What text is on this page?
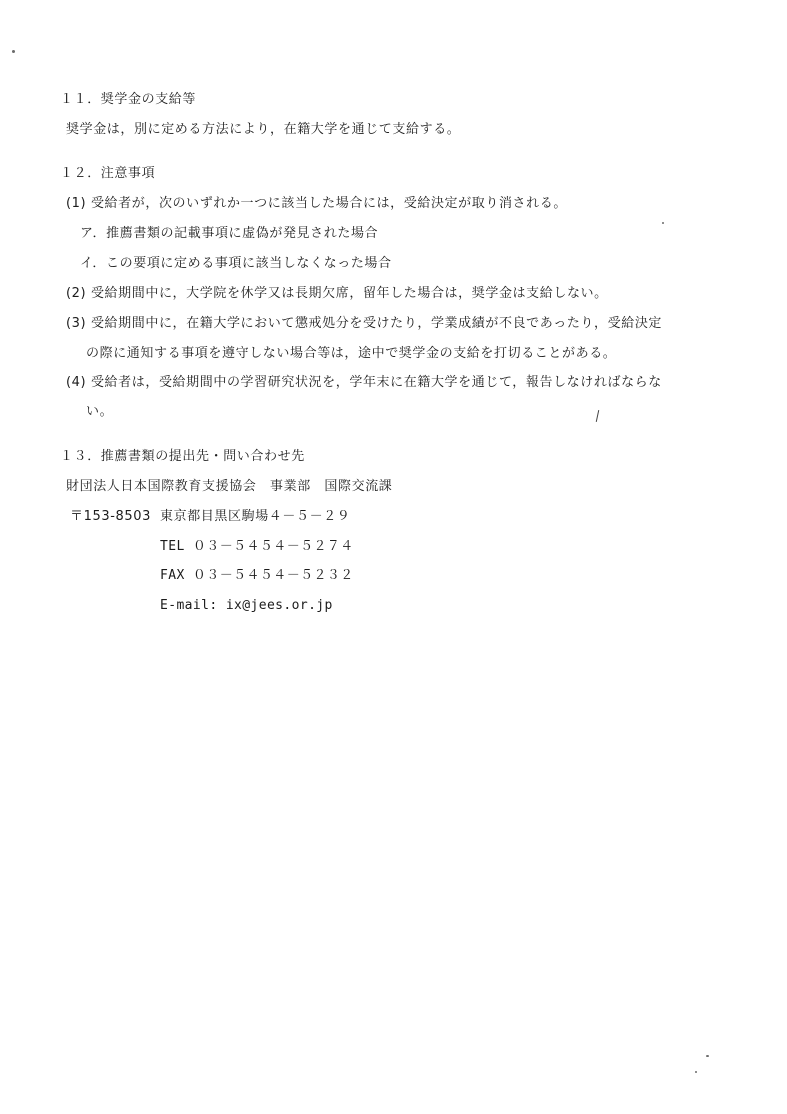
１１．奨学金の支給等
奨学金は，別に定める方法により，在籍大学を通じて支給する。
１２．注意事項
(1) 受給者が，次のいずれか一つに該当した場合には，受給決定が取り消される。
ア．推薦書類の記載事項に虚偽が発見された場合
イ．この要項に定める事項に該当しなくなった場合
(2) 受給期間中に，大学院を休学又は長期欠席，留年した場合は，奨学金は支給しない。
(3) 受給期間中に，在籍大学において懲戒処分を受けたり，学業成績が不良であったり，受給決定
の際に通知する事項を遵守しない場合等は，途中で奨学金の支給を打切ることがある。
(4) 受給者は，受給期間中の学習研究状況を，学年末に在籍大学を通じて，報告しなければならな
い。
１３．推薦書類の提出先・問い合わせ先
財団法人日本国際教育支援協会　事業部　国際交流課
〒153-8503 東京都目黒区駒場４－５－２９
TEL ０３－５４５４－５２７４
FAX ０３－５４５４－５２３２
E-mail: ix@jees.or.jp
